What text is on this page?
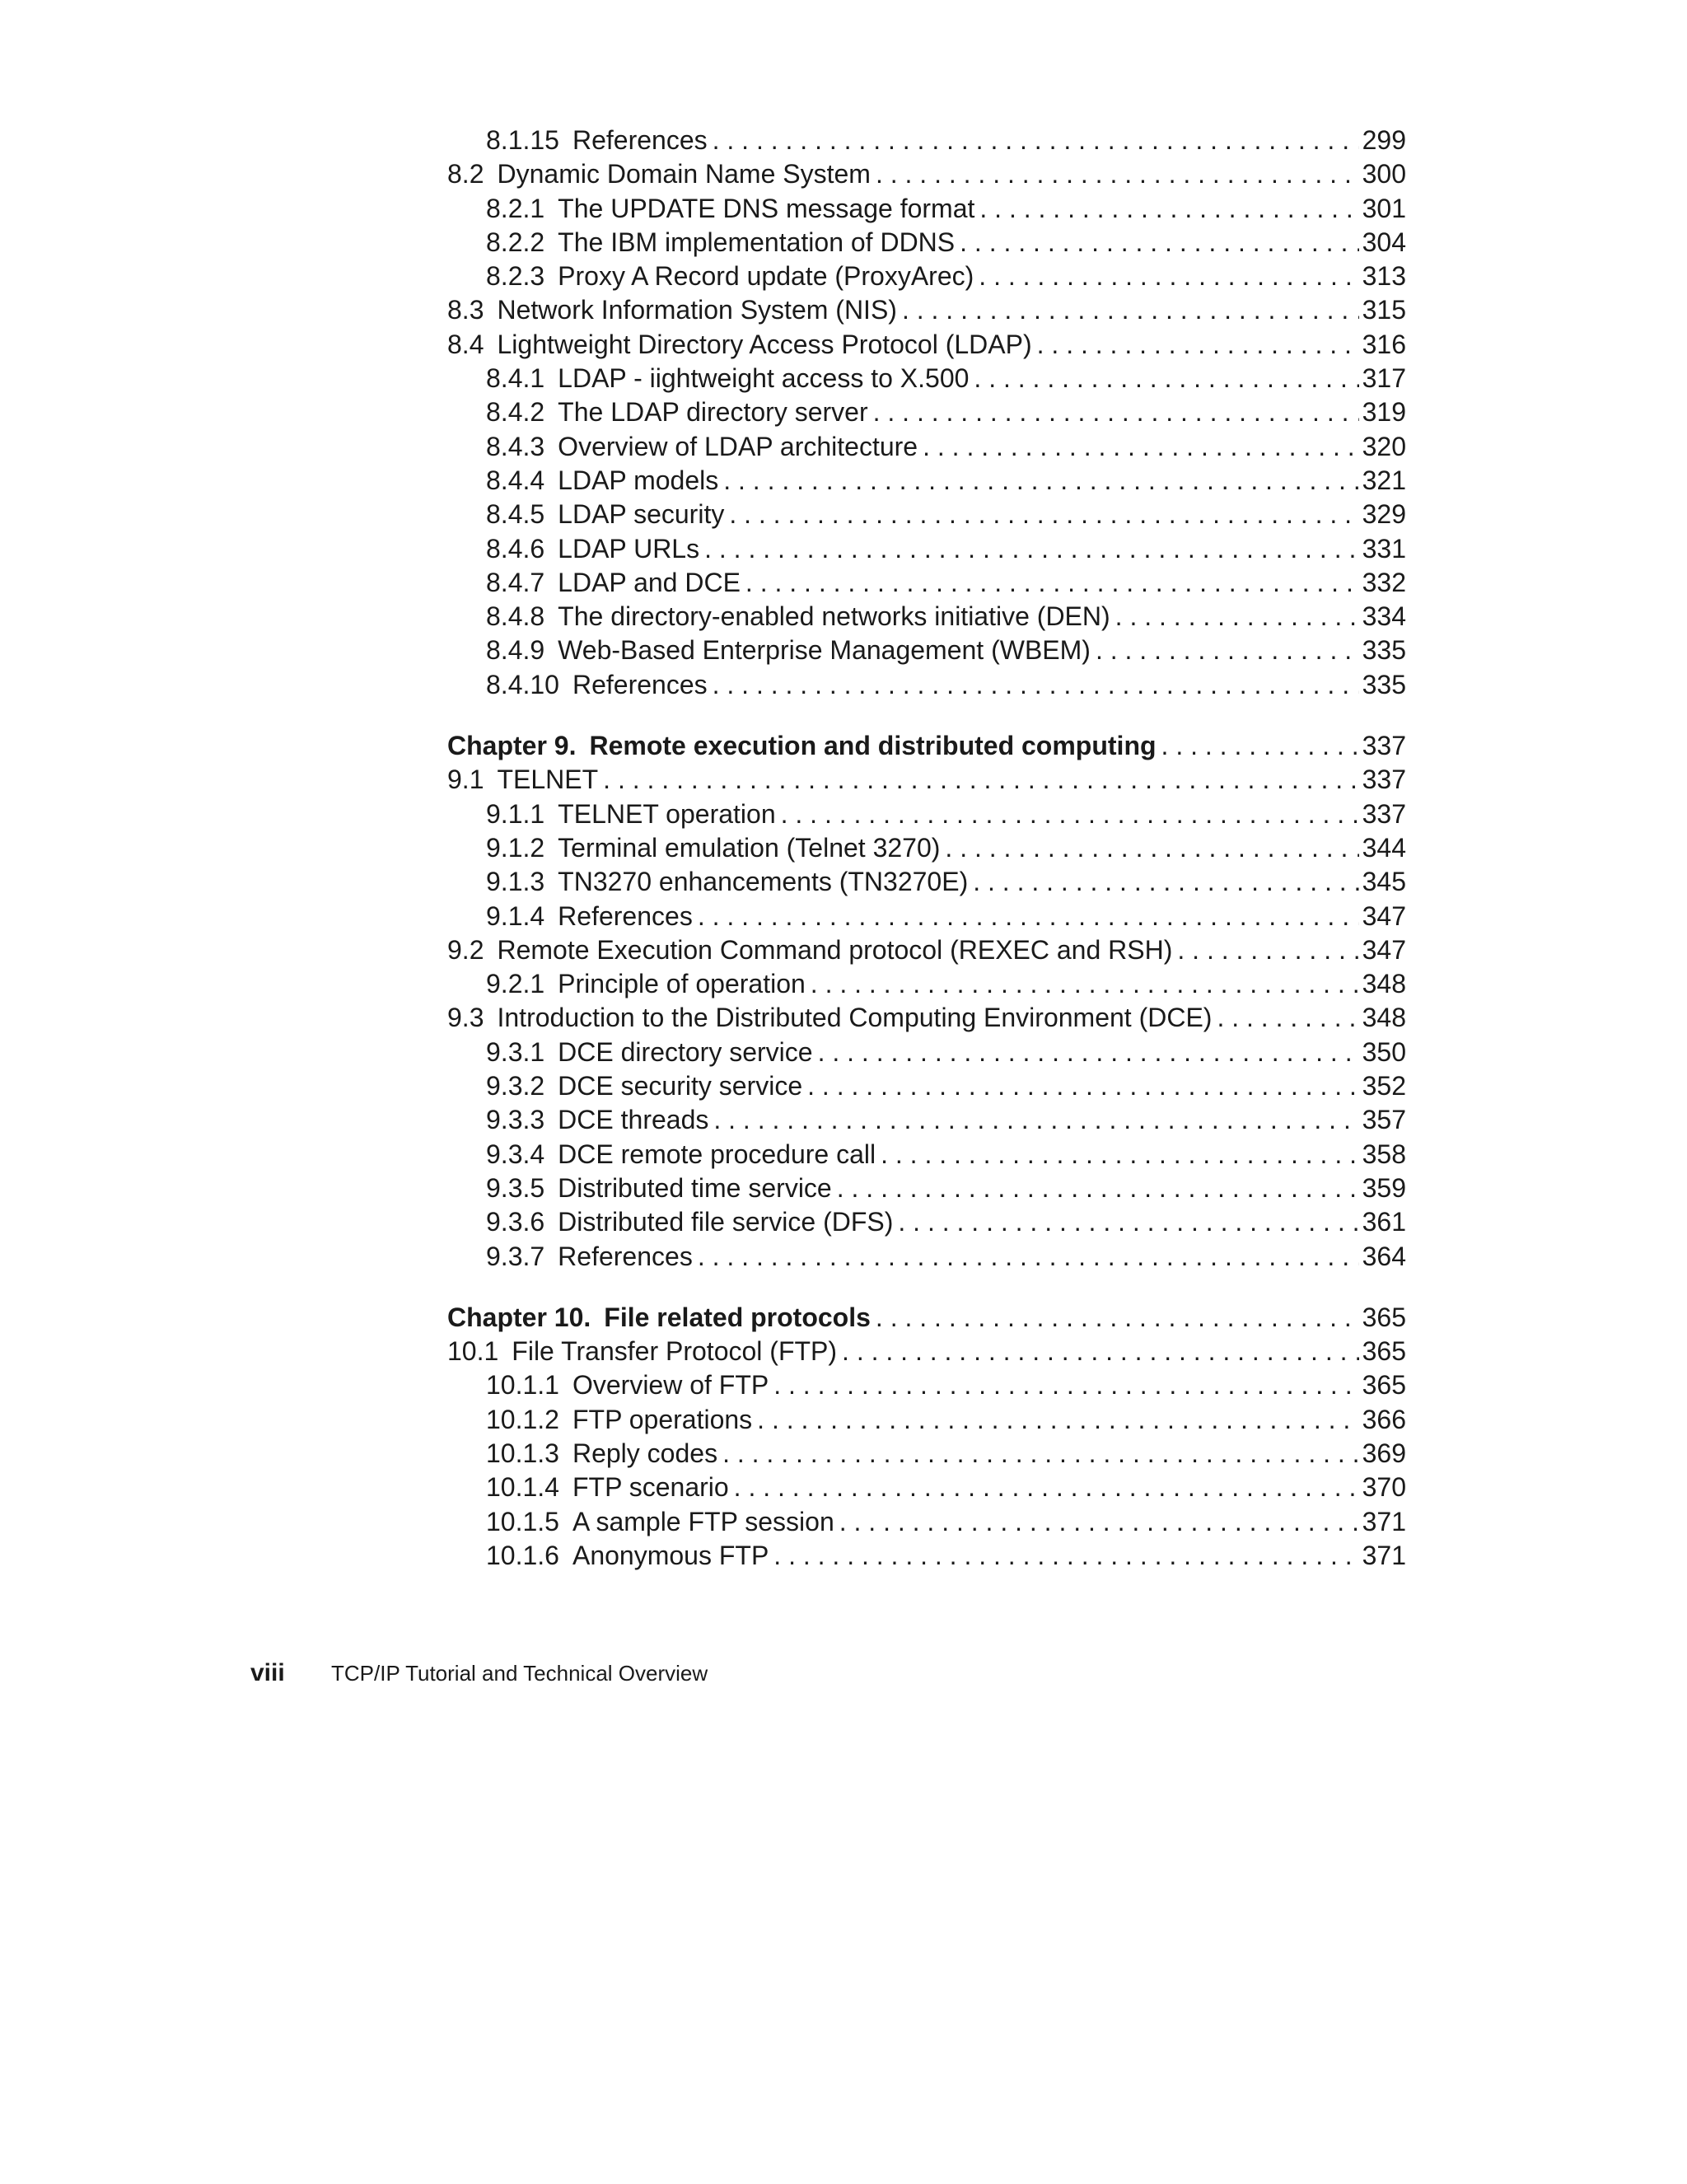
8.1.15 References . . .	299
8.2 Dynamic Domain Name System . . .	300
8.2.1 The UPDATE DNS message format . . .	301
8.2.2 The IBM implementation of DDNS . . .	304
8.2.3 Proxy A Record update (ProxyArec) . . .	313
8.3 Network Information System (NIS) . . .	315
8.4 Lightweight Directory Access Protocol (LDAP) . . .	316
8.4.1 LDAP - iightweight access to X.500 . . .	317
8.4.2 The LDAP directory server . . .	319
8.4.3 Overview of LDAP architecture . . .	320
8.4.4 LDAP models . . .	321
8.4.5 LDAP security . . .	329
8.4.6 LDAP URLs . . .	331
8.4.7 LDAP and DCE . . .	332
8.4.8 The directory-enabled networks initiative (DEN) . . .	334
8.4.9 Web-Based Enterprise Management (WBEM) . . .	335
8.4.10 References . . .	335
Chapter 9. Remote execution and distributed computing . . .	337
9.1 TELNET . . .	337
9.1.1 TELNET operation . . .	337
9.1.2 Terminal emulation (Telnet 3270) . . .	344
9.1.3 TN3270 enhancements (TN3270E) . . .	345
9.1.4 References . . .	347
9.2 Remote Execution Command protocol (REXEC and RSH) . . .	347
9.2.1 Principle of operation . . .	348
9.3 Introduction to the Distributed Computing Environment (DCE) . . .	348
9.3.1 DCE directory service . . .	350
9.3.2 DCE security service . . .	352
9.3.3 DCE threads . . .	357
9.3.4 DCE remote procedure call . . .	358
9.3.5 Distributed time service . . .	359
9.3.6 Distributed file service (DFS) . . .	361
9.3.7 References . . .	364
Chapter 10. File related protocols . . .	365
10.1 File Transfer Protocol (FTP) . . .	365
10.1.1 Overview of FTP . . .	365
10.1.2 FTP operations . . .	366
10.1.3 Reply codes . . .	369
10.1.4 FTP scenario . . .	370
10.1.5 A sample FTP session . . .	371
10.1.6 Anonymous FTP . . .	371
viii	TCP/IP Tutorial and Technical Overview
